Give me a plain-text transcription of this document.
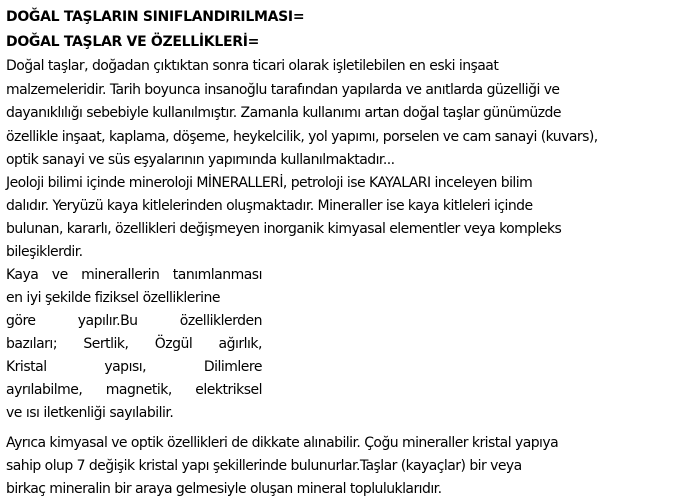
DOĞAL TAŞLARIN SINIFLANDIRILMASI=
DOĞAL TAŞLAR VE ÖZELLİKLERİ=
Doğal taşlar, doğadan çıktıktan sonra ticari olarak işletilebilen en eski inşaat
malzemeleridir. Tarih boyunca insanoğlu tarafından yapılarda ve anıtlarda güzelliği ve
dayanıklılığı sebebiyle kullanılmıştır. Zamanla kullanımı artan doğal taşlar günümüzde
özellikle inşaat, kaplama, döşeme, heykelcilik, yol yapımı, porselen ve cam sanayi (kuvars),
optik sanayi ve süs eşyalarının yapımında kullanılmaktadır...
Jeoloji bilimi içinde mineroloji MİNERALLERİ, petroloji ise KAYALARI inceleyen bilim
dalıdır. Yeryüzü kaya kitlelerinden oluşmaktadır. Mineraller ise kaya kitleleri içinde
bulunan, kararlı, özellikleri değişmeyen inorganik kimyasal elementler veya kompleks
bileşiklerdir.
Kaya ve minerallerin tanımlanması
en iyi şekilde fiziksel özelliklerine
göre	yapılır.Bu	özelliklerden
bazıları; Sertlik, Özgül ağırlık,
Kristal	yapısı,	Dilimlere
ayrılabilme, magnetik, elektriksel
ve ısı iletkenliği sayılabilir.
Ayrıca kimyasal ve optik özellikleri de dikkate alınabilir. Çoğu mineraller kristal yapıya
sahip olup 7 değişik kristal yapı şekillerinde bulunurlar.Taşlar (kayaçlar) bir veya
birkaç mineralin bir araya gelmesiyle oluşan mineral topluluklarıdır.
